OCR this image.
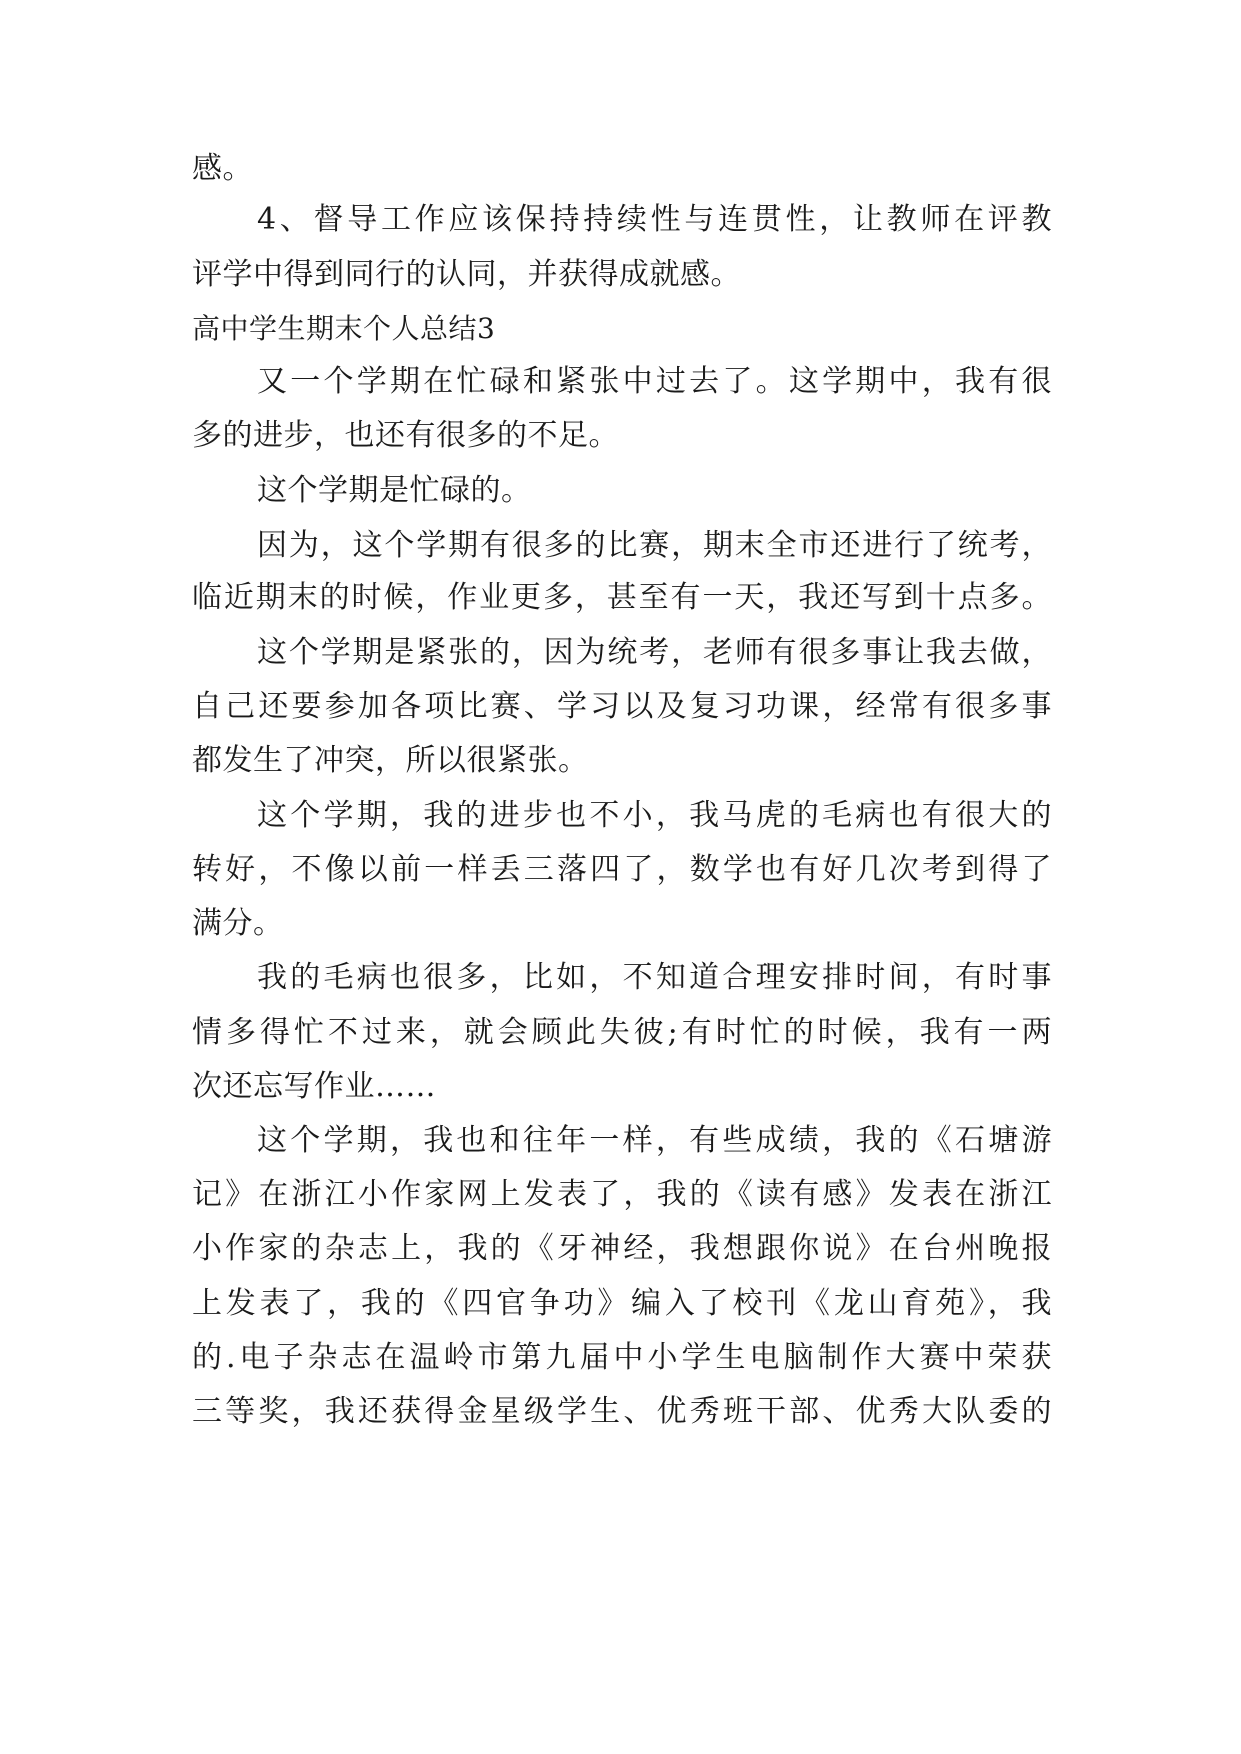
感。
4、督导工作应该保持持续性与连贯性，让教师在评教
评学中得到同行的认同，并获得成就感。
高中学生期末个人总结3
又一个学期在忙碌和紧张中过去了。这学期中，我有很
多的进步，也还有很多的不足。
这个学期是忙碌的。
因为，这个学期有很多的比赛，期末全市还进行了统考，
临近期末的时候，作业更多，甚至有一天，我还写到十点多。
这个学期是紧张的，因为统考，老师有很多事让我去做，
自己还要参加各项比赛、学习以及复习功课，经常有很多事
都发生了冲突，所以很紧张。
这个学期，我的进步也不小，我马虎的毛病也有很大的
转好，不像以前一样丢三落四了，数学也有好几次考到得了
满分。
我的毛病也很多，比如，不知道合理安排时间，有时事
情多得忙不过来，就会顾此失彼;有时忙的时候，我有一两
次还忘写作业……
这个学期，我也和往年一样，有些成绩，我的《石塘游
记》在浙江小作家网上发表了，我的《读有感》发表在浙江
小作家的杂志上，我的《牙神经，我想跟你说》在台州晚报
上发表了，我的《四官争功》编入了校刊《龙山育苑》，我
的.电子杂志在温岭市第九届中小学生电脑制作大赛中荣获
三等奖，我还获得金星级学生、优秀班干部、优秀大队委的
